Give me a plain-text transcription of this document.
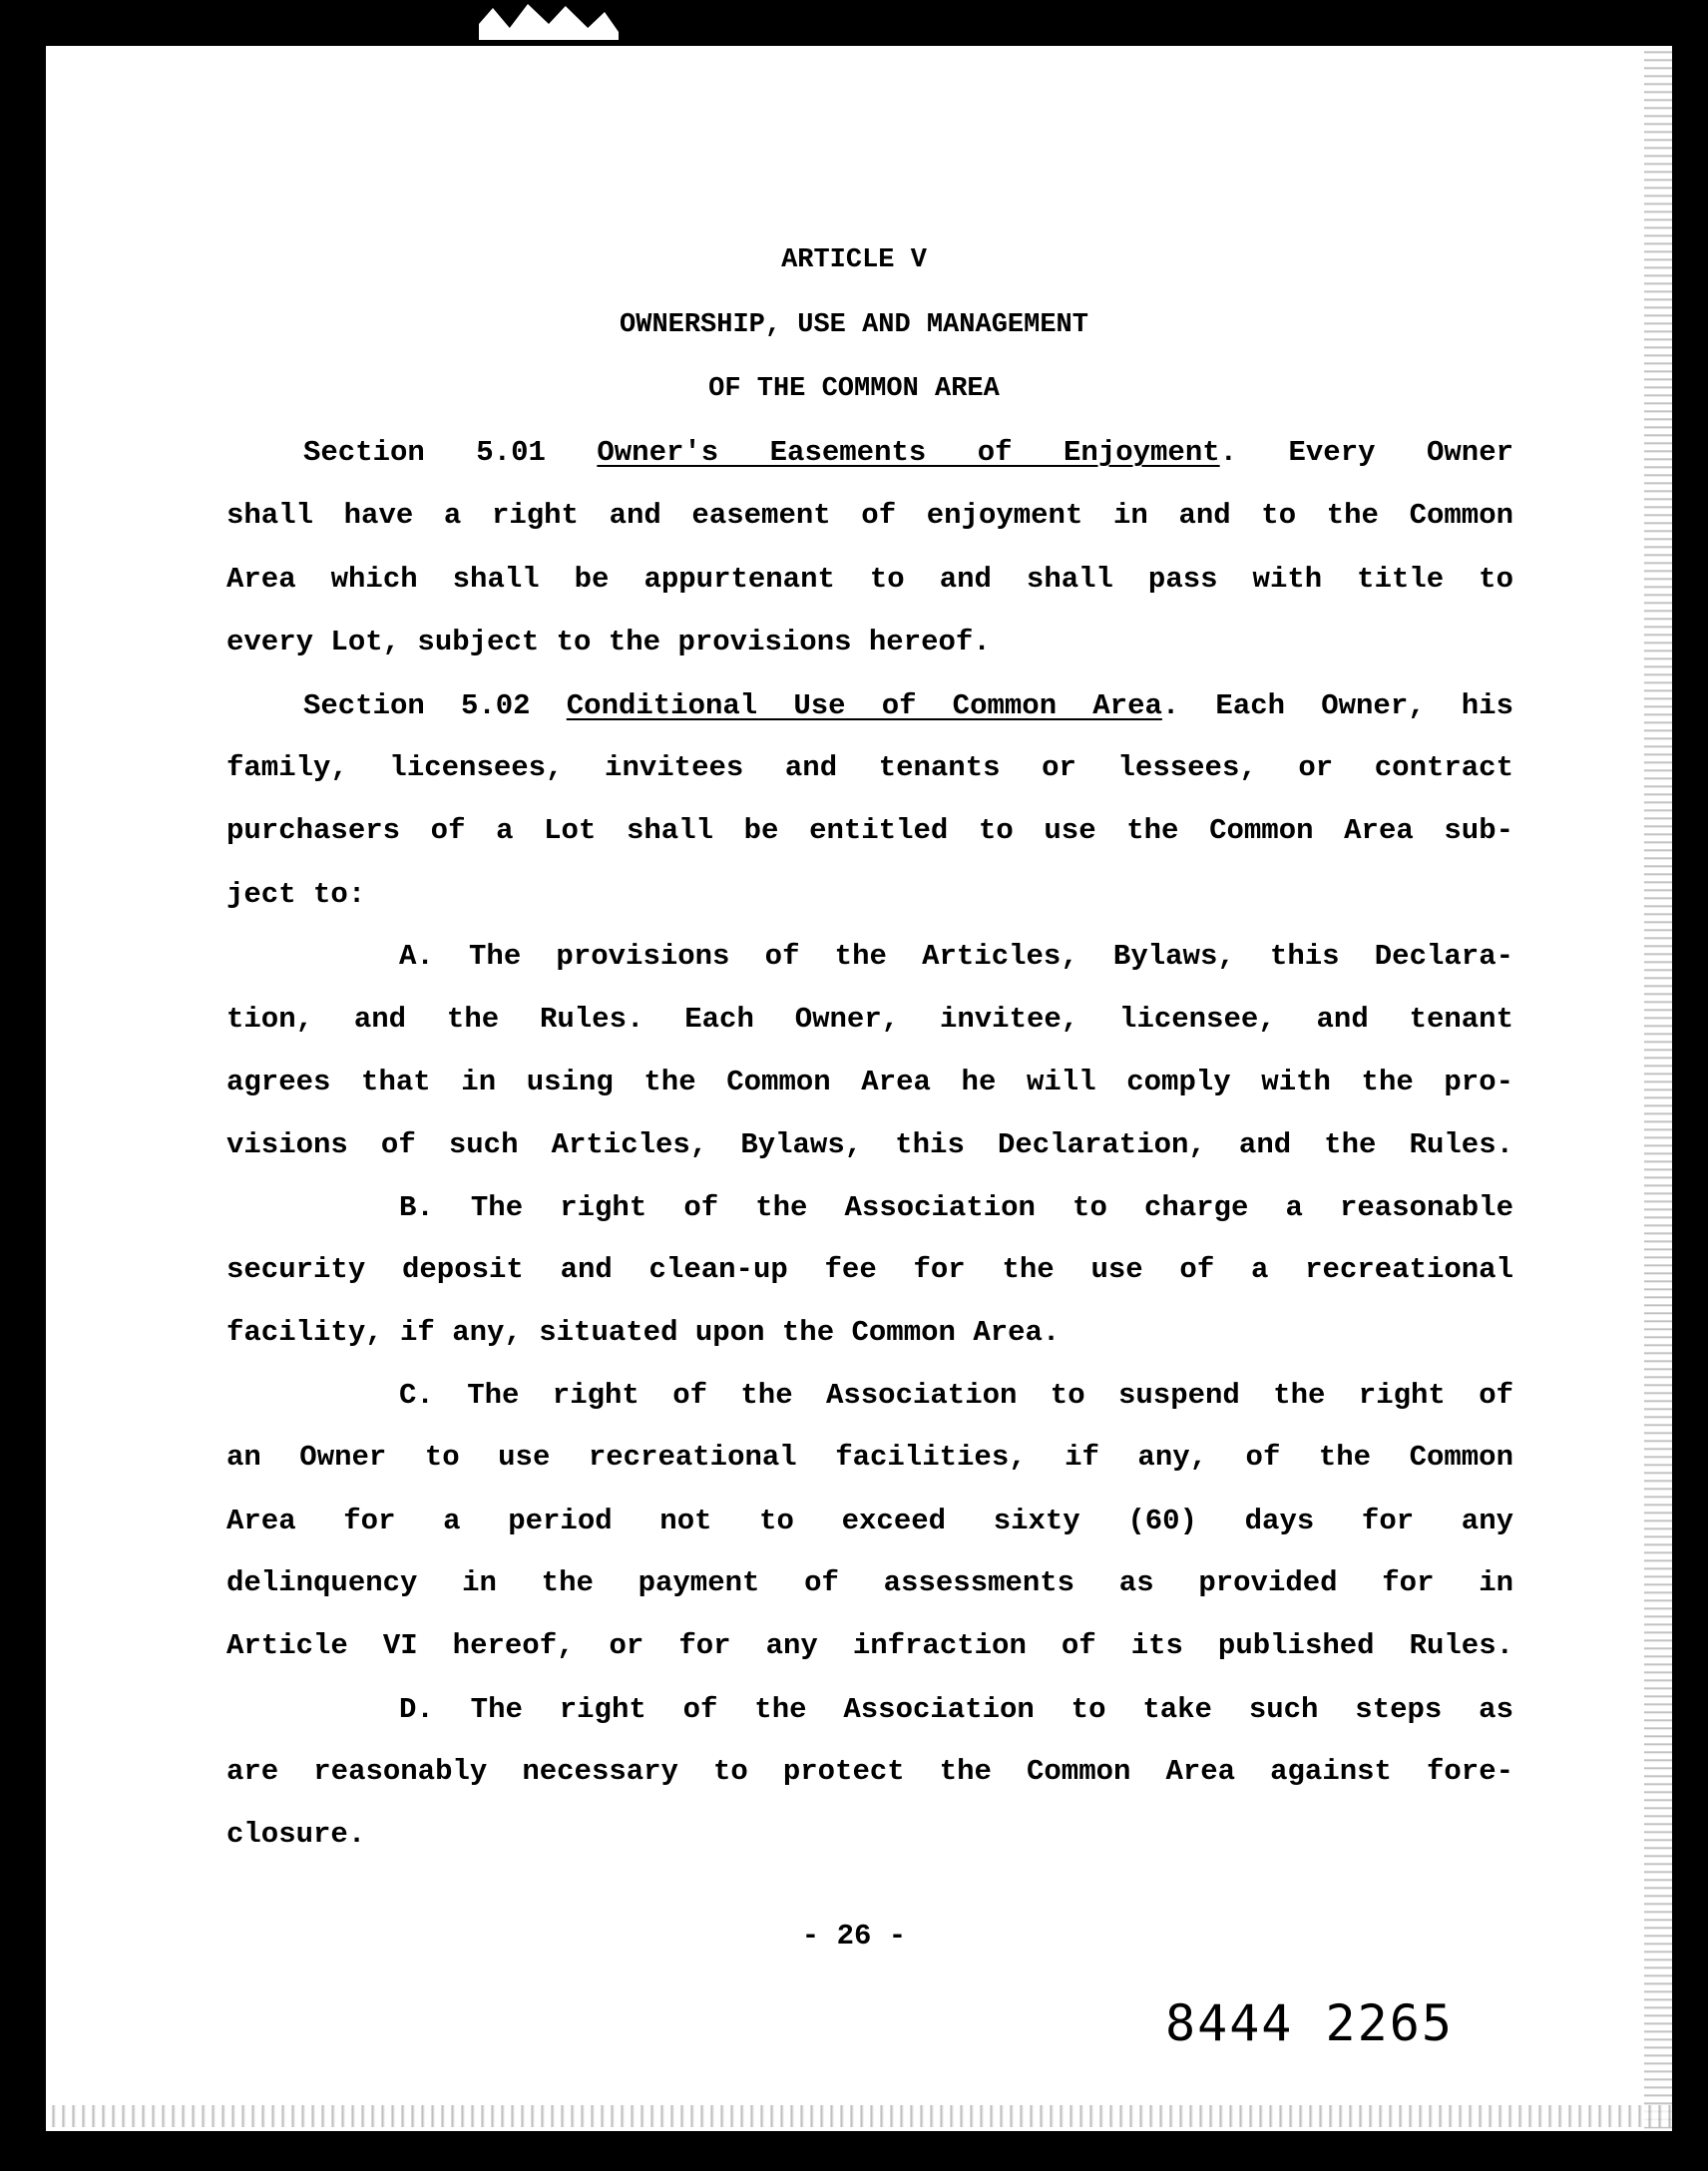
ARTICLE V
OWNERSHIP, USE AND MANAGEMENT
OF THE COMMON AREA
Section 5.01 Owner's Easements of Enjoyment. Every Owner
shall have a right and easement of enjoyment in and to the Common
Area which shall be appurtenant to and shall pass with title to
every Lot, subject to the provisions hereof.
Section 5.02 Conditional Use of Common Area. Each Owner, his
family, licensees, invitees and tenants or lessees, or contract
purchasers of a Lot shall be entitled to use the Common Area sub-
ject to:
A. The provisions of the Articles, Bylaws, this Declara-
tion, and the Rules. Each Owner, invitee, licensee, and tenant
agrees that in using the Common Area he will comply with the pro-
visions of such Articles, Bylaws, this Declaration, and the Rules.
B. The right of the Association to charge a reasonable
security deposit and clean-up fee for the use of a recreational
facility, if any, situated upon the Common Area.
C. The right of the Association to suspend the right of
an Owner to use recreational facilities, if any, of the Common
Area for a period not to exceed sixty (60) days for any
delinquency in the payment of assessments as provided for in
Article VI hereof, or for any infraction of its published Rules.
D. The right of the Association to take such steps as
are reasonably necessary to protect the Common Area against fore-
closure.
- 26 -
8444 2265
